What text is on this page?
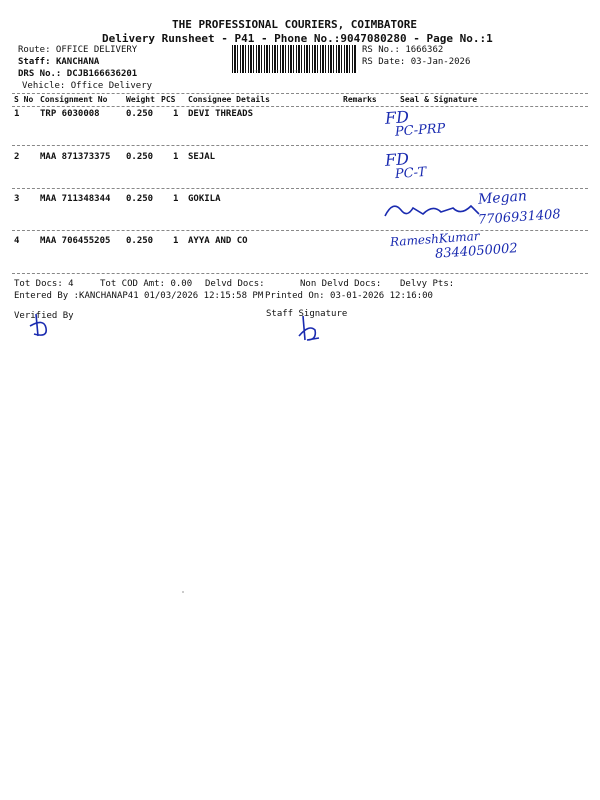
THE PROFESSIONAL COURIERS, COIMBATORE
Delivery Runsheet - P41 - Phone No.:9047080280 - Page No.:1
Route: OFFICE DELIVERY
Staff: KANCHANA
DRS No.: DCJB166636201
Vehicle: Office Delivery
RS No.: 1666362
RS Date: 03-Jan-2026
S No Consignment No Weight PCS Consignee Details	Remarks	Seal & Signature
1 TRP 6030008	0.250 1 DEVI THREADS	FD
PC-PRP
2 MAA 871373375 0.250 1 SEJAL	FD
PC-T
3 MAA 711348344 0.250 1 GOKILA	Megan
7706931408
4 MAA 706455205 0.250 1 AYYA AND CO	RameshKumar
8344050002
Tot Docs: 4	Tot COD Amt: 0.00 Delvd Docs:	Non Delvd Docs: Delvy Pts:
Entered By :KANCHANAP41 01/03/2026 12:15:58 PM Printed On: 03-01-2026 12:16:00
Verified By	Staff Signature
